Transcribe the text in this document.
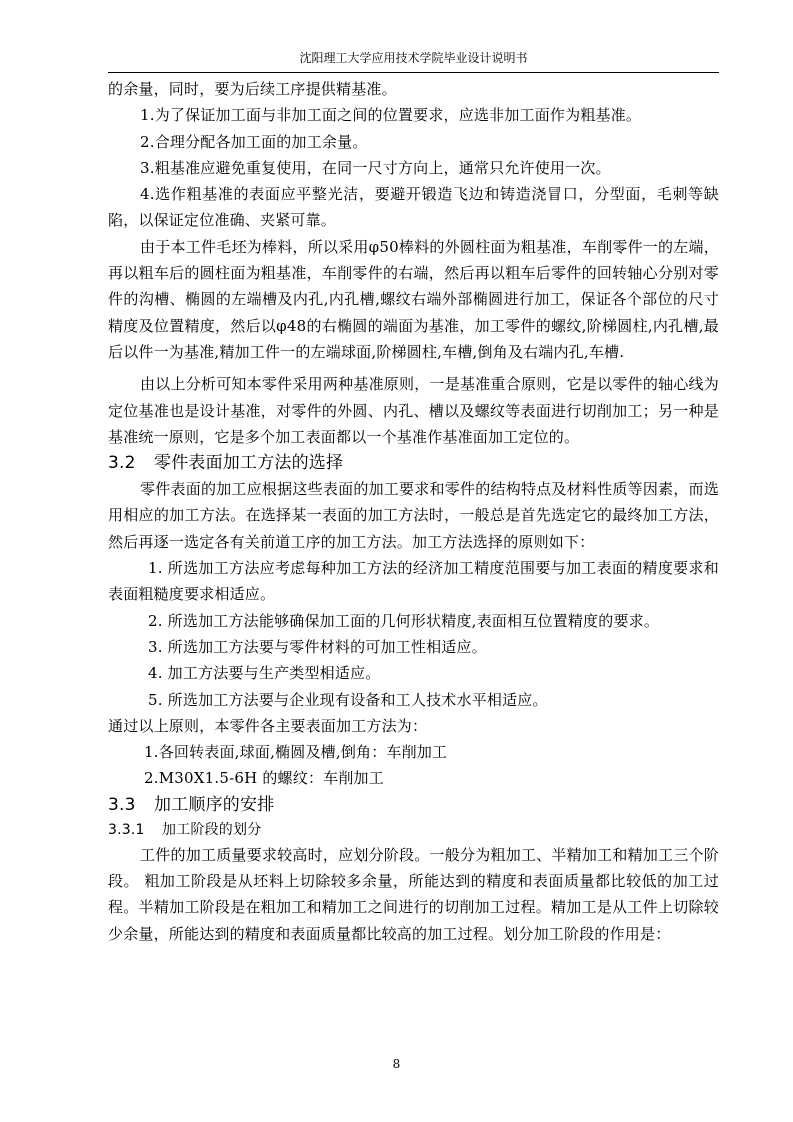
沈阳理工大学应用技术学院毕业设计说明书

的余量，同时，要为后续工序提供精基准。

1.为了保证加工面与非加工面之间的位置要求，应选非加工面作为粗基准。

2.合理分配各加工面的加工余量。

3.粗基准应避免重复使用，在同一尺寸方向上，通常只允许使用一次。

4.选作粗基准的表面应平整光洁，要避开锻造飞边和铸造浇冒口，分型面，毛刺等缺陷，以保证定位准确、夹紧可靠。

由于本工件毛坯为棒料，所以采用φ50棒料的外圆柱面为粗基准，车削零件一的左端，再以粗车后的圆柱面为粗基准，车削零件的右端，然后再以粗车后零件的回转轴心分别对零件的沟槽、椭圆的左端槽及内孔,内孔槽,螺纹右端外部椭圆进行加工，保证各个部位的尺寸精度及位置精度，然后以φ48的右椭圆的端面为基准，加工零件的螺纹,阶梯圆柱,内孔槽,最后以件一为基准,精加工件一的左端球面,阶梯圆柱,车槽,倒角及右端内孔,车槽.

由以上分析可知本零件采用两种基准原则，一是基准重合原则，它是以零件的轴心线为定位基准也是设计基准，对零件的外圆、内孔、槽以及螺纹等表面进行切削加工；另一种是基准统一原则，它是多个加工表面都以一个基准作基准面加工定位的。

3.2 零件表面加工方法的选择

零件表面的加工应根据这些表面的加工要求和零件的结构特点及材料性质等因素，而选用相应的加工方法。在选择某一表面的加工方法时，一般总是首先选定它的最终加工方法，然后再逐一选定各有关前道工序的加工方法。加工方法选择的原则如下：

1. 所选加工方法应考虑每种加工方法的经济加工精度范围要与加工表面的精度要求和表面粗糙度要求相适应。

2. 所选加工方法能够确保加工面的几何形状精度,表面相互位置精度的要求。

3. 所选加工方法要与零件材料的可加工性相适应。

4. 加工方法要与生产类型相适应。

5. 所选加工方法要与企业现有设备和工人技术水平相适应。

通过以上原则，本零件各主要表面加工方法为：

1.各回转表面,球面,椭圆及槽,倒角：车削加工

2.M30X1.5-6H 的螺纹：车削加工

3.3 加工顺序的安排

3.3.1 加工阶段的划分

工件的加工质量要求较高时，应划分阶段。一般分为粗加工、半精加工和精加工三个阶段。 粗加工阶段是从坯料上切除较多余量，所能达到的精度和表面质量都比较低的加工过程。半精加工阶段是在粗加工和精加工之间进行的切削加工过程。精加工是从工件上切除较少余量，所能达到的精度和表面质量都比较高的加工过程。划分加工阶段的作用是：

8
